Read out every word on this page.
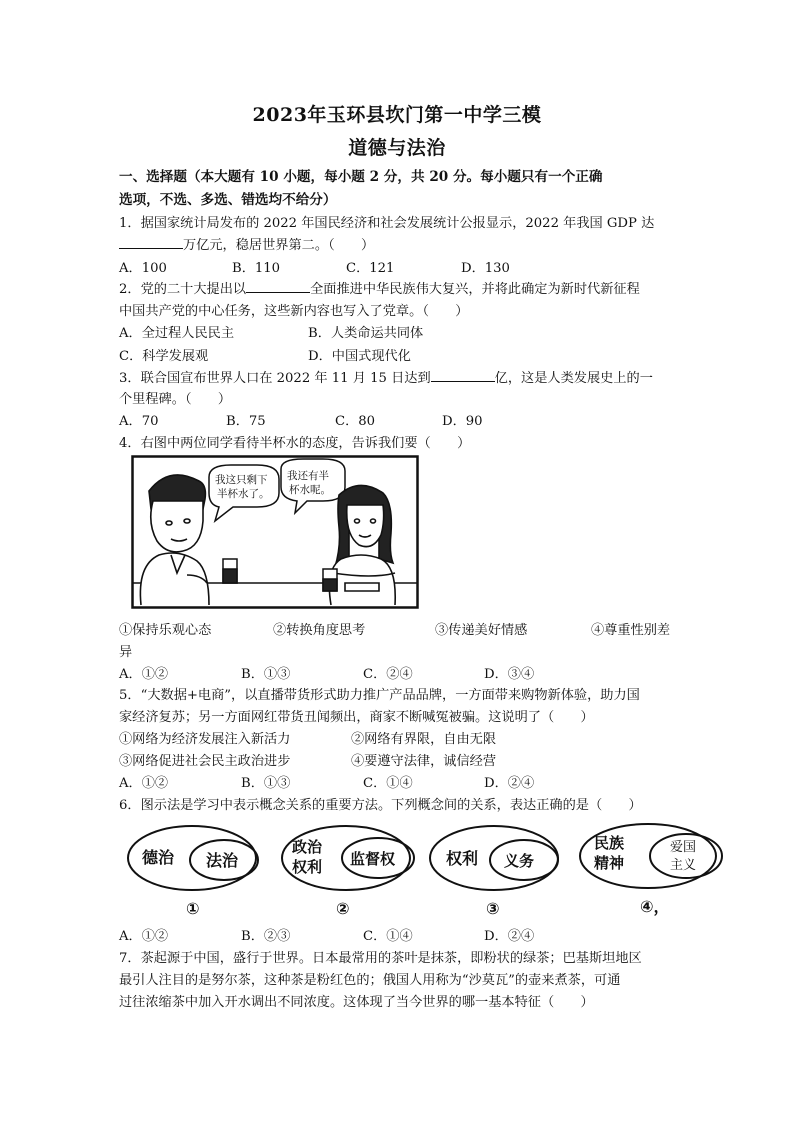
2023年玉环县坎门第一中学三模
道德与法治
一、选择题（本大题有 10 小题，每小题 2 分，共 20 分。每小题只有一个正确
选项，不选、多选、错选均不给分）
1．据国家统计局发布的 2022 年国民经济和社会发展统计公报显示，2022 年我国 GDP 达
万亿元，稳居世界第二。（　　）
A．100	B．110	C．121	D．130
2．党的二十大提出以	全面推进中华民族伟大复兴，并将此确定为新时代新征程
中国共产党的中心任务，这些新内容也写入了党章。（　　）
A．全过程人民民主	B．人类命运共同体
C．科学发展观	D．中国式现代化
3．联合国宣布世界人口在 2022 年 11 月 15 日达到	亿，这是人类发展史上的一
个里程碑。（　　）
A．70	B．75	C．80	D．90
4．右图中两位同学看待半杯水的态度，告诉我们要（　　）
我这只剩下
半杯水了。
我还有半
杯水呢。
①保持乐观心态	②转换角度思考	③传递美好情感	④尊重性别差
异
A．①②	B．①③	C．②④	D．③④
5．“大数据+电商”，以直播带货形式助力推广产品品牌，一方面带来购物新体验，助力国
家经济复苏；另一方面网红带货丑闻频出，商家不断喊冤被骗。这说明了（　　）
①网络为经济发展注入新活力	②网络有界限，自由无限
③网络促进社会民主政治进步	④要遵守法律，诚信经营
A．①②	B．①③	C．①④	D．②④
6．图示法是学习中表示概念关系的重要方法。下列概念间的关系，表达正确的是（　　）
德治 法治
①
政治
权利 监督权
②
权利 义务
③
民族
精神
爱国
主义
④，
A．①②	B．②③	C．①④	D．②④
7．茶起源于中国，盛行于世界。日本最常用的茶叶是抹茶，即粉状的绿茶；巴基斯坦地区
最引人注目的是努尔茶，这种茶是粉红色的；俄国人用称为“沙莫瓦”的壶来煮茶，可通
过往浓缩茶中加入开水调出不同浓度。这体现了当今世界的哪一基本特征（　　）
